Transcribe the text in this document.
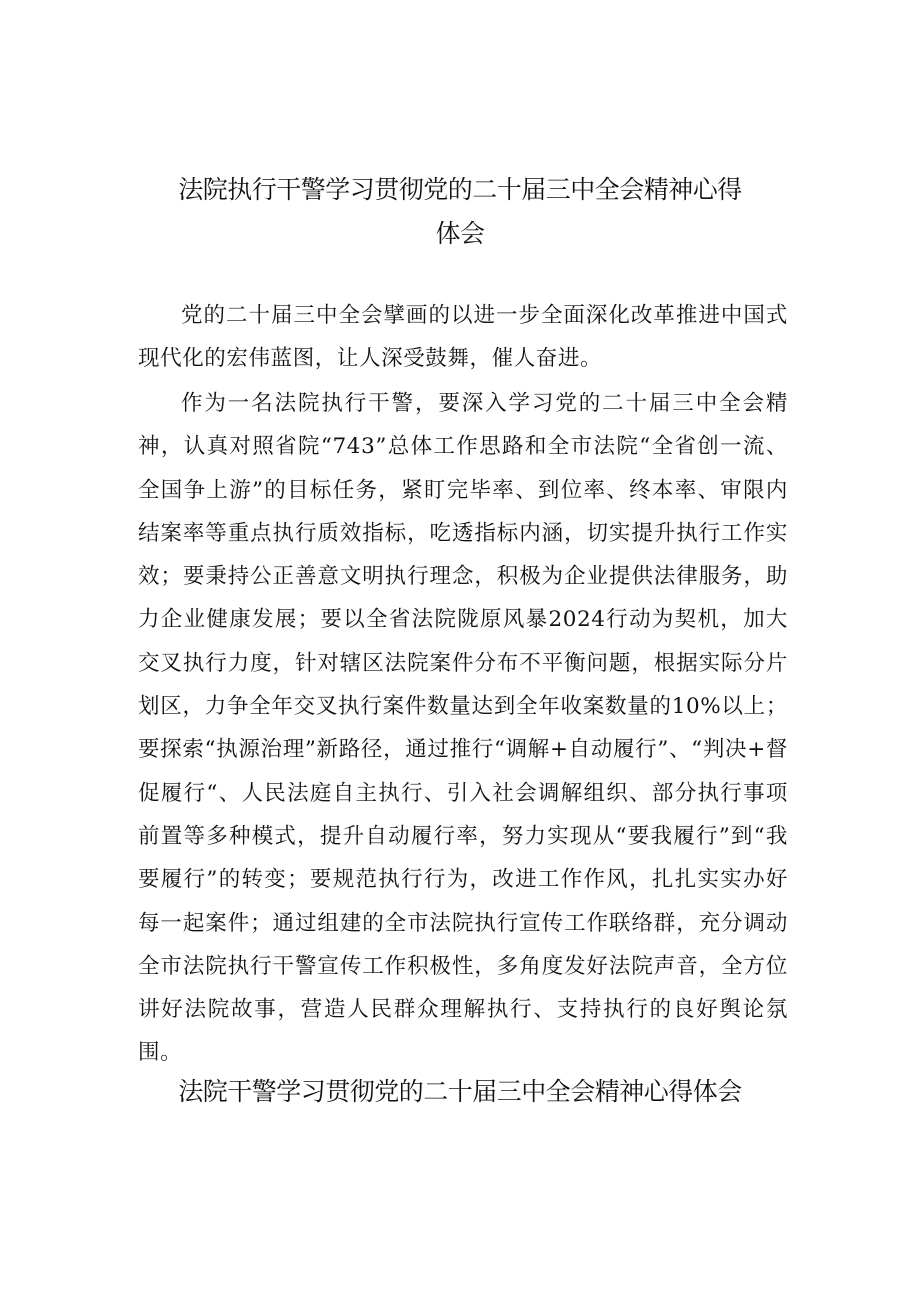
法院执行干警学习贯彻党的二十届三中全会精神心得
体会

党的二十届三中全会擘画的以进一步全面深化改革推进中国式现代化的宏伟蓝图，让人深受鼓舞，催人奋进。

作为一名法院执行干警，要深入学习党的二十届三中全会精神，认真对照省院“743”总体工作思路和全市法院“全省创一流、全国争上游”的目标任务，紧盯完毕率、到位率、终本率、审限内结案率等重点执行质效指标，吃透指标内涵，切实提升执行工作实效；要秉持公正善意文明执行理念，积极为企业提供法律服务，助力企业健康发展；要以全省法院陇原风暴2024行动为契机，加大交叉执行力度，针对辖区法院案件分布不平衡问题，根据实际分片划区，力争全年交叉执行案件数量达到全年收案数量的10%以上；要探索“执源治理”新路径，通过推行“调解+自动履行”、“判决+督促履行“、人民法庭自主执行、引入社会调解组织、部分执行事项前置等多种模式，提升自动履行率，努力实现从“要我履行”到“我要履行”的转变；要规范执行行为，改进工作作风，扎扎实实办好每一起案件；通过组建的全市法院执行宣传工作联络群，充分调动全市法院执行干警宣传工作积极性，多角度发好法院声音，全方位讲好法院故事，营造人民群众理解执行、支持执行的良好舆论氛围。

法院干警学习贯彻党的二十届三中全会精神心得体会
